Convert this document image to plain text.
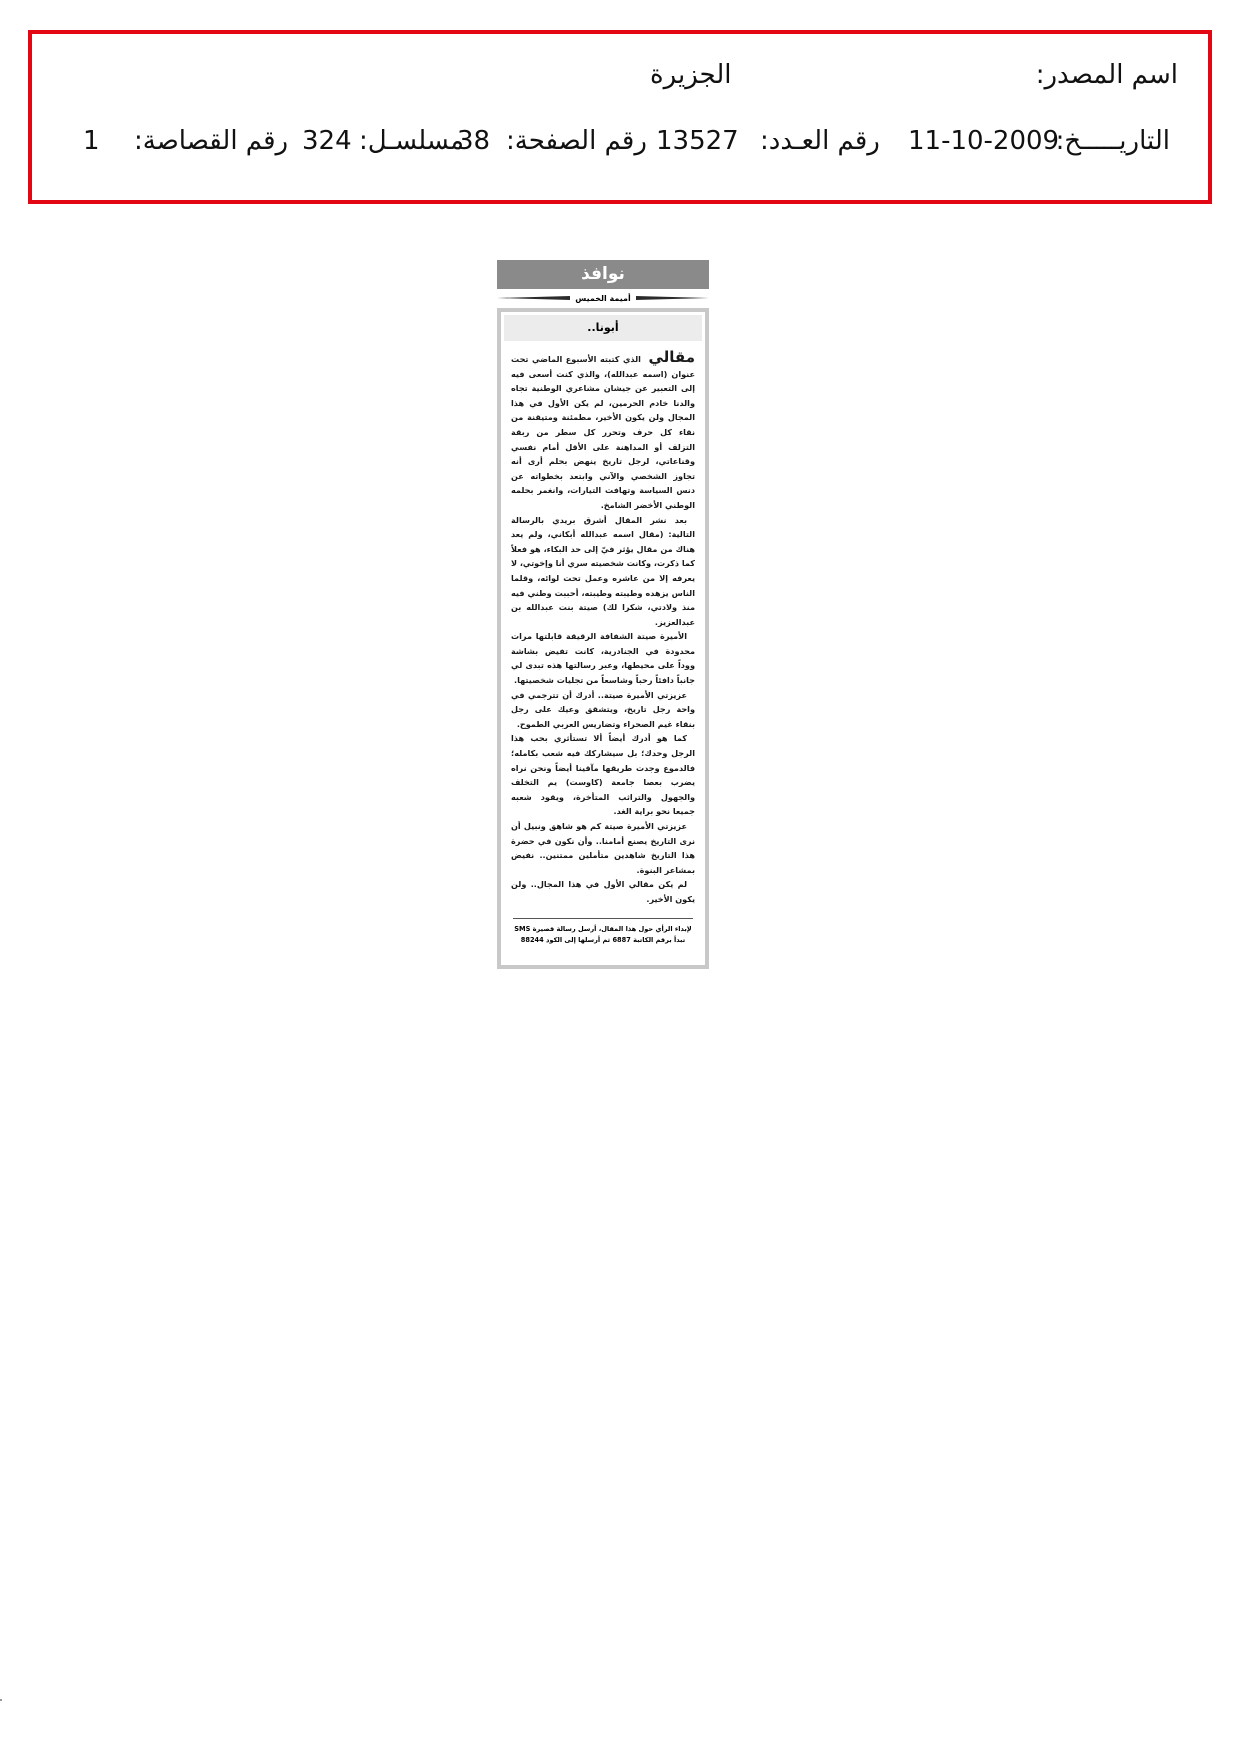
اسم المصدر:
الجزيرة
التاريـــــخ:
11-10-2009
رقم العـدد:
13527
رقم الصفحة:
38
مسلسـل:
324
رقم القصاصة:
1
نوافذ
أميمة الخميس
أبونا..

مقالي الذي كتبته الأسبوع الماضي تحت عنوان (اسمه عبدالله)، والذي كنت أسعى فيه إلى التعبير عن جيشان مشاعري الوطنية تجاه والدنا خادم الحرمين، لم يكن الأول في هذا المجال ولن يكون الأخير، مطمئنة ومتيقنة من نقاء كل حرف وتحرر كل سطر من ربقة التزلف أو المداهنة على الأقل أمام نفسي وقناعاتي، لرجل تاريخ ينهض بحلم أرى أنه تجاوز الشخصي والآني وابتعد بخطواته عن دنس السياسة وتهافت التيارات، وانغمر بحلمه الوطني الأخضر الشامخ.

بعد نشر المقال أشرق بريدي بالرسالة التالية: (مقال اسمه عبدالله أبكاني، ولم يعد هناك من مقال يؤثر فيّ إلى حد البكاء، هو فعلاً كما ذكرت، وكانت شخصيته سري أنا وإخوتي، لا يعرفه إلا من عاشره وعمل تحت لوائه، وقلما الناس يزهده وطيبته وطيبته، أحببت وطني فيه منذ ولادتي، شكرا لك) صيتة بنت عبدالله بن عبدالعزيز.

الأميرة صيتة الشفافة الرقيقة قابلتها مرات محدودة في الجنادرية، كانت تفيض بشاشة ووداً على محيطها، وعبر رسالتها هذه تبدى لي جانباً دافئاً رحباً وشاسعاً من تجليات شخصيتها.

عزيزتي الأميرة صيتة.. أدرك أن تترجمي في واحة رجل تاريخ، ويتشقق وعيك على رجل بنقاء غيم الصحراء وتضاريس العربي الطموح.

كما هو أدرك أيضاً ألا تستأثري بحب هذا الرجل وحدك؛ بل سيشاركك فيه شعب بكامله؛ فالدموع وجدت طريقها مآقينا أيضاً ونحن نراه يضرب بعصا جامعة (كاوست) يم التخلف والجهول والتراثب المتأخرة، ويقود شعبه جميعا نحو براية الغد.

عزيزتي الأميرة صيتة كم هو شاهق ونبيل أن نرى التاريخ يصنع أمامنا.. وأن نكون في حضرة هذا التاريخ شاهدين متأملين ممتنين.. نفيض بمشاعر البنوة.

لم يكن مقالي الأول في هذا المجال.. ولن يكون الأخير.

لإبداء الرأي حول هذا المقال، أرسل رسالة قصيرة SMS
تبدأ برقم الكاتبة 6887 ثم أرسلها إلى الكود 88244
